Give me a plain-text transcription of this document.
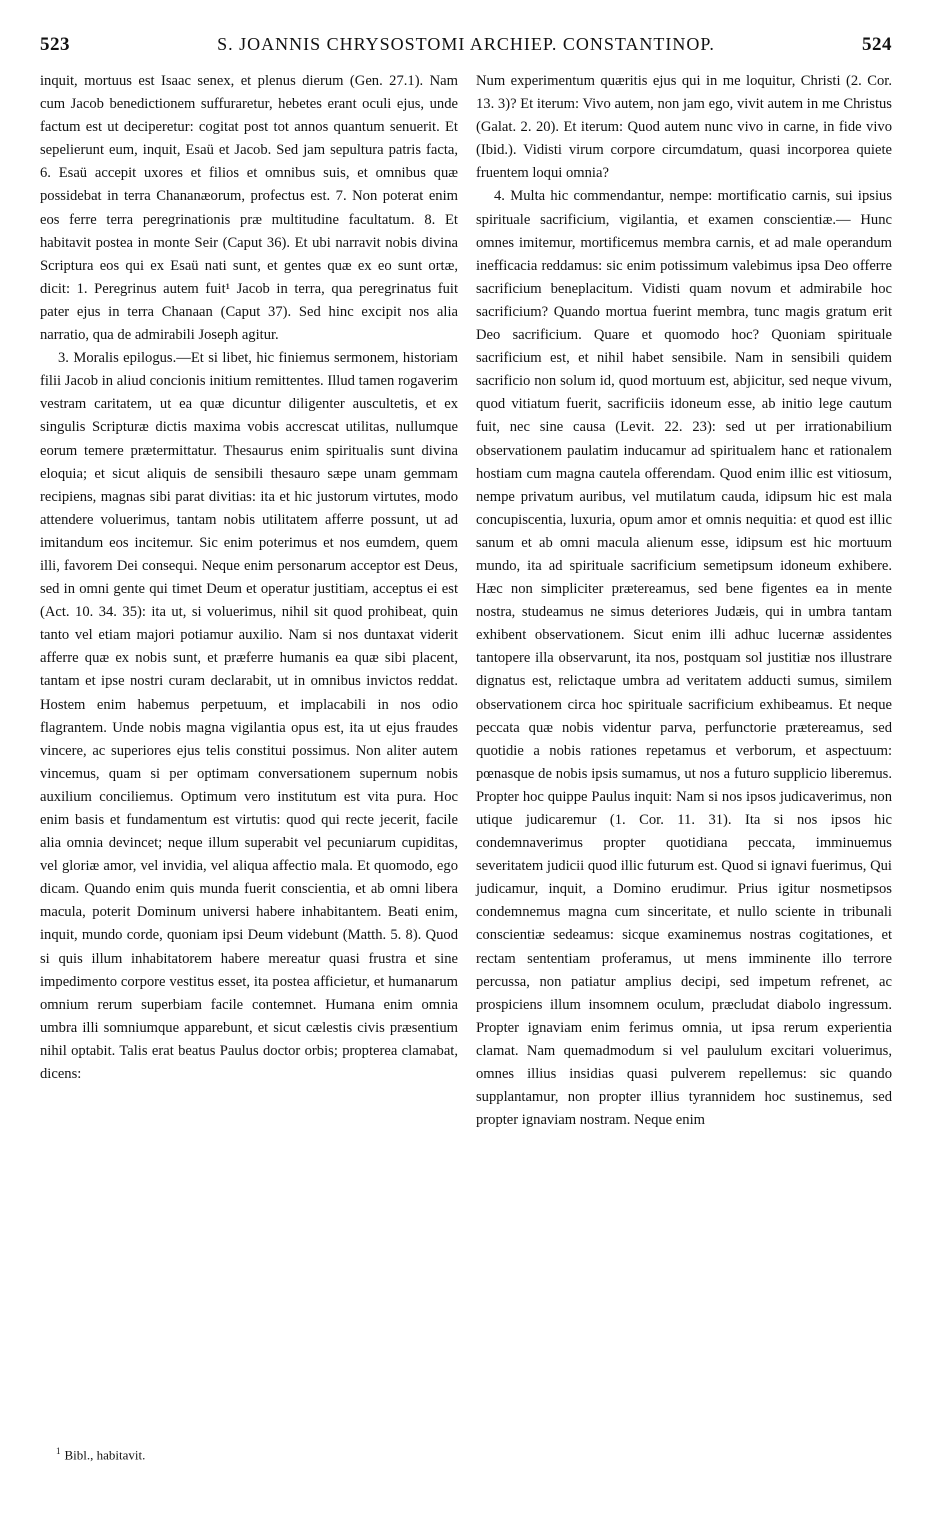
523	S. JOANNIS CHRYSOSTOMI ARCHIEP. CONSTANTINOP.	524

inquit, mortuus est Isaac senex, et plenus dierum (Gen. 27.1). Nam cum Jacob benedictionem suffuraretur, hebetes erant oculi ejus, unde factum est ut deciperetur: cogitat post tot annos quantum senuerit. Et sepelierunt eum, inquit, Esaü et Jacob. Sed jam sepultura patris facta, 6. Esaü accepit uxores et filios et omnibus suis, et omnibus quæ possidebat in terra Chananæorum, profectus est. 7. Non poterat enim eos ferre terra peregrinationis præ multitudine facultatum. 8. Et habitavit postea in monte Seir (Caput 36). Et ubi narravit nobis divina Scriptura eos qui ex Esaü nati sunt, et gentes quæ ex eo sunt ortæ, dicit: 1. Peregrinus autem fuit¹ Jacob in terra, qua peregrinatus fuit pater ejus in terra Chanaan (Caput 37). Sed hinc excipit nos alia narratio, qua de admirabili Joseph agitur.

3. Moralis epilogus.—Et si libet, hic finiemus sermonem, historiam filii Jacob in aliud concionis initium remittentes. Illud tamen rogaverim vestram caritatem, ut ea quæ dicuntur diligenter auscultetis, et ex singulis Scripturæ dictis maxima vobis accrescat utilitas, nullumque eorum temere prætermittatur. Thesaurus enim spiritualis sunt divina eloquia; et sicut aliquis de sensibili thesauro sæpe unam gemmam recipiens, magnas sibi parat divitias: ita et hic justorum virtutes, modo attendere voluerimus, tantam nobis utilitatem afferre possunt, ut ad imitandum eos incitemur. Sic enim poterimus et nos eumdem, quem illi, favorem Dei consequi. Neque enim personarum acceptor est Deus, sed in omni gente qui timet Deum et operatur justitiam, acceptus ei est (Act. 10. 34. 35): ita ut, si voluerimus, nihil sit quod prohibeat, quin tanto vel etiam majori potiamur auxilio. Nam si nos duntaxat viderit afferre quæ ex nobis sunt, et præferre humanis ea quæ sibi placent, tantam et ipse nostri curam declarabit, ut in omnibus invictos reddat. Hostem enim habemus perpetuum, et implacabili in nos odio flagrantem. Unde nobis magna vigilantia opus est, ita ut ejus fraudes vincere, ac superiores ejus telis constitui possimus. Non aliter autem vincemus, quam si per optimam conversationem supernum nobis auxilium conciliemus. Optimum vero institutum est vita pura. Hoc enim basis et fundamentum est virtutis: quod qui recte jecerit, facile alia omnia devincet; neque illum superabit vel pecuniarum cupiditas, vel gloriæ amor, vel invidia, vel aliqua affectio mala. Et quomodo, ego dicam. Quando enim quis munda fuerit conscientia, et ab omni libera macula, poterit Dominum universi habere inhabitantem. Beati enim, inquit, mundo corde, quoniam ipsi Deum videbunt (Matth. 5. 8). Quod si quis illum inhabitatorem habere mereatur quasi frustra et sine impedimento corpore vestitus esset, ita postea afficietur, et humanarum omnium rerum superbiam facile contemnet. Humana enim omnia umbra illi somniumque apparebunt, et sicut cælestis civis præsentium nihil optabit. Talis erat beatus Paulus doctor orbis; propterea clamabat, dicens:

Num experimentum quæritis ejus qui in me loquitur, Christi (2. Cor. 13. 3)? Et iterum: Vivo autem, non jam ego, vivit autem in me Christus (Galat. 2. 20). Et iterum: Quod autem nunc vivo in carne, in fide vivo (Ibid.). Vidisti virum corpore circumdatum, quasi incorporea quiete fruentem loqui omnia?

4. Multa hic commendantur, nempe: mortificatio carnis, sui ipsius spirituale sacrificium, vigilantia, et examen conscientiæ.— Hunc omnes imitemur, mortificemus membra carnis, et ad male operandum inefficacia reddamus: sic enim potissimum valebimus ipsa Deo offerre sacrificium beneplacitum. Vidisti quam novum et admirabile hoc sacrificium? Quando mortua fuerint membra, tunc magis gratum erit Deo sacrificium. Quare et quomodo hoc? Quoniam spirituale sacrificium est, et nihil habet sensibile. Nam in sensibili quidem sacrificio non solum id, quod mortuum est, abjicitur, sed neque vivum, quod vitiatum fuerit, sacrificiis idoneum esse, ab initio lege cautum fuit, nec sine causa (Levit. 22. 23): sed ut per irrationabilium observationem paulatim inducamur ad spiritualem hanc et rationalem hostiam cum magna cautela offerendam. Quod enim illic est vitiosum, nempe privatum auribus, vel mutilatum cauda, idipsum hic est mala concupiscentia, luxuria, opum amor et omnis nequitia: et quod est illic sanum et ab omni macula alienum esse, idipsum est hic mortuum mundo, ita ad spirituale sacrificium semetipsum idoneum exhibere. Hæc non simpliciter prætereamus, sed bene figentes ea in mente nostra, studeamus ne simus deteriores Judæis, qui in umbra tantam exhibent observationem. Sicut enim illi adhuc lucernæ assidentes tantopere illa observarunt, ita nos, postquam sol justitiæ nos illustrare dignatus est, relictaque umbra ad veritatem adducti sumus, similem observationem circa hoc spirituale sacrificium exhibeamus. Et neque peccata quæ nobis videntur parva, perfunctorie prætereamus, sed quotidie a nobis rationes repetamus et verborum, et aspectuum: pœnasque de nobis ipsis sumamus, ut nos a futuro supplicio liberemus. Propter hoc quippe Paulus inquit: Nam si nos ipsos judicaverimus, non utique judicaremur (1. Cor. 11. 31). Ita si nos ipsos hic condemnaverimus propter quotidiana peccata, imminuemus severitatem judicii quod illic futurum est. Quod si ignavi fuerimus, Qui judicamur, inquit, a Domino erudimur. Prius igitur nosmetipsos condemnemus magna cum sinceritate, et nullo sciente in tribunali conscientiæ sedeamus: sicque examinemus nostras cogitationes, et rectam sententiam proferamus, ut mens imminente illo terrore percussa, non patiatur amplius decipi, sed impetum refrenet, ac prospiciens illum insomnem oculum, præcludat diabolo ingressum. Propter ignaviam enim ferimus omnia, ut ipsa rerum experientia clamat. Nam quemadmodum si vel paululum excitari voluerimus, omnes illius insidias quasi pulverem repellemus: sic quando supplantamur, non propter illius tyrannidem hoc sustinemus, sed propter ignaviam nostram. Neque enim

$^1$ Bibl., habitavit.
